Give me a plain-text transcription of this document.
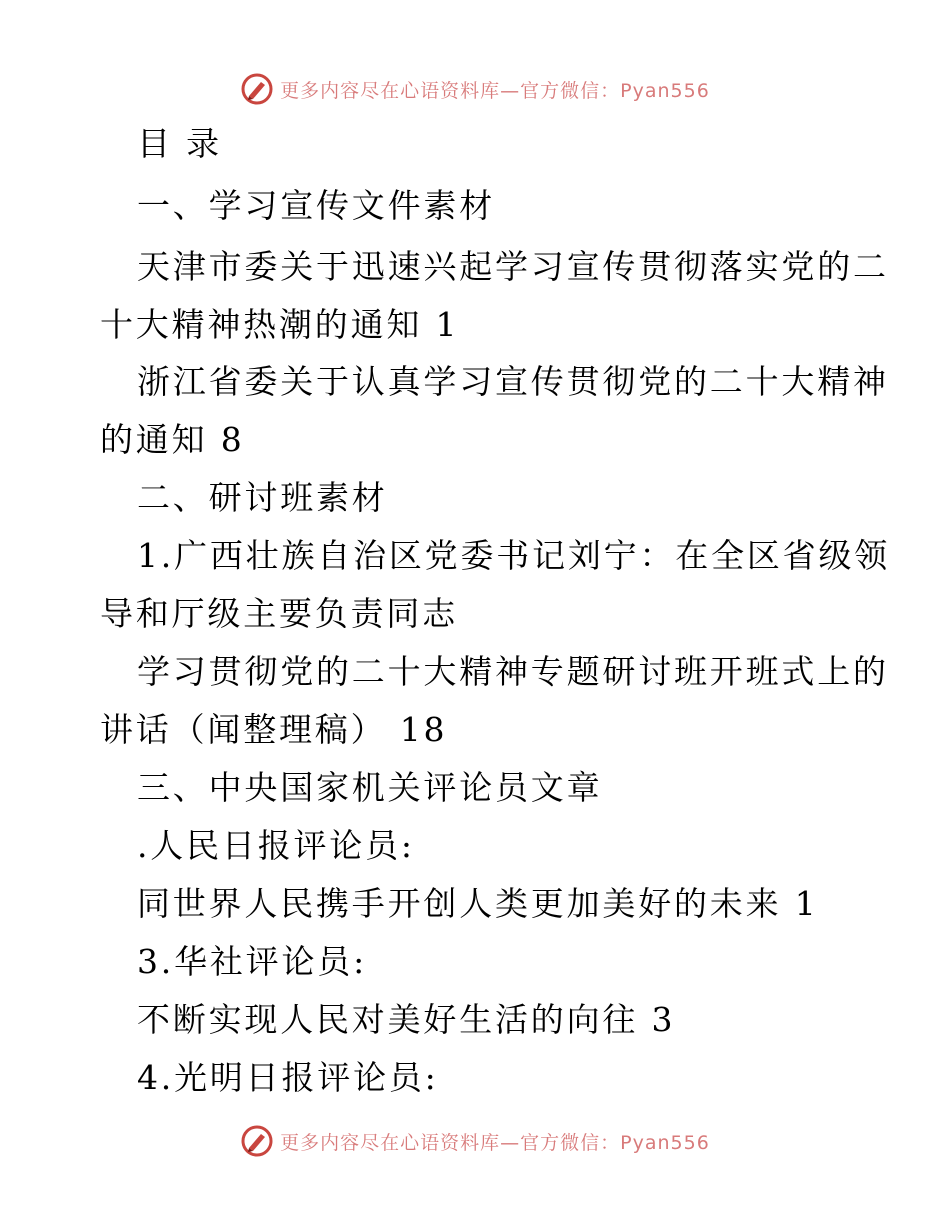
更多内容尽在心语资料库—官方微信：Pyan556
目 录
一、学习宣传文件素材
天津市委关于迅速兴起学习宣传贯彻落实党的二
十大精神热潮的通知 1
浙江省委关于认真学习宣传贯彻党的二十大精神
的通知 8
二、研讨班素材
1.广西壮族自治区党委书记刘宁：在全区省级领
导和厅级主要负责同志
学习贯彻党的二十大精神专题研讨班开班式上的
讲话（闻整理稿） 18
三、中央国家机关评论员文章
.人民日报评论员:
同世界人民携手开创人类更加美好的未来 1
3.华社评论员:
不断实现人民对美好生活的向往 3
4.光明日报评论员:
更多内容尽在心语资料库—官方微信：Pyan556
